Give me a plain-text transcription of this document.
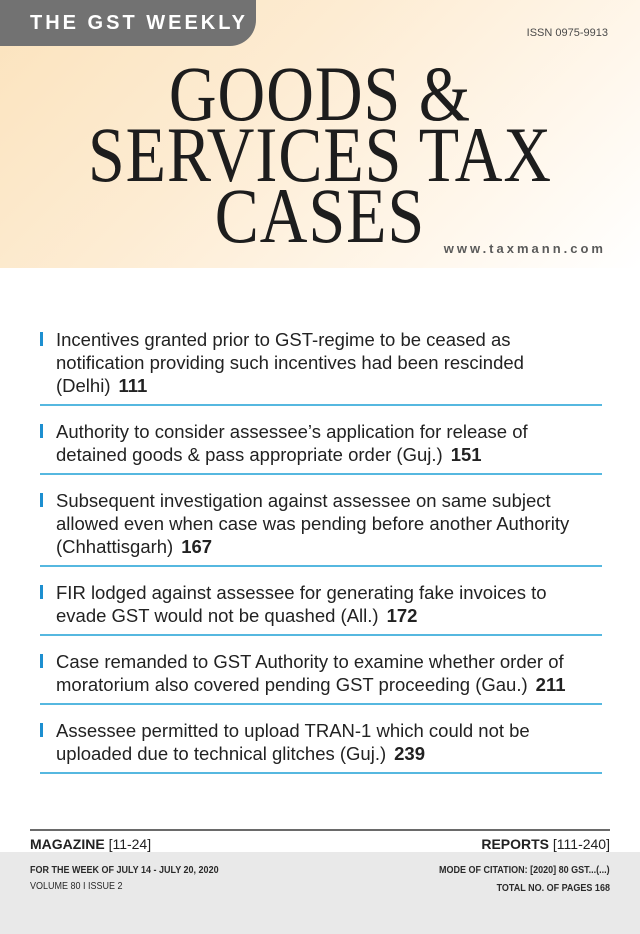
THE GST WEEKLY	ISSN 0975-9913
GOODS &
SERVICES TAX
CASES	www.taxmann.com

Incentives granted prior to GST-regime to be ceased as notification providing such incentives had been rescinded (Delhi) 111

Authority to consider assessee’s application for release of detained goods & pass appropriate order (Guj.) 151

Subsequent investigation against assessee on same subject allowed even when case was pending before another Authority (Chhattisgarh) 167

FIR lodged against assessee for generating fake invoices to evade GST would not be quashed (All.) 172

Case remanded to GST Authority to examine whether order of moratorium also covered pending GST proceeding (Gau.) 211

Assessee permitted to upload TRAN-1 which could not be uploaded due to technical glitches (Guj.) 239

MAGAZINE [11-24]	REPORTS [111-240]
FOR THE WEEK OF JULY 14 - JULY 20, 2020
VOLUME 80 I ISSUE 2
MODE OF CITATION: [2020] 80 GST...(...)
TOTAL NO. OF PAGES 168
